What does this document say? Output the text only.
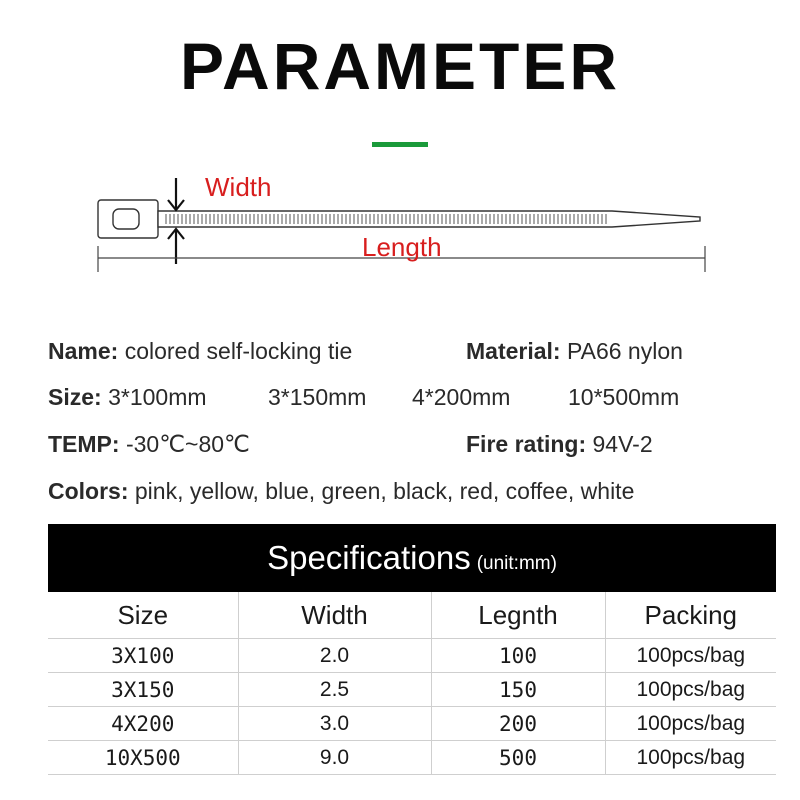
PARAMETER
Width
Length
Name: colored self-locking tie	Material: PA66 nylon
Size: 3*100mm	3*150mm 4*200mm	10*500mm
TEMP: -30℃~80℃	Fire rating: 94V-2
Colors: pink, yellow, blue, green, black, red, coffee, white
Specifications (unit:mm)			
Size	Width	Legnth	Packing
3X100	2.0	100	100pcs/bag
3X150	2.5	150	100pcs/bag
4X200	3.0	200	100pcs/bag
10X500	9.0	500	100pcs/bag
